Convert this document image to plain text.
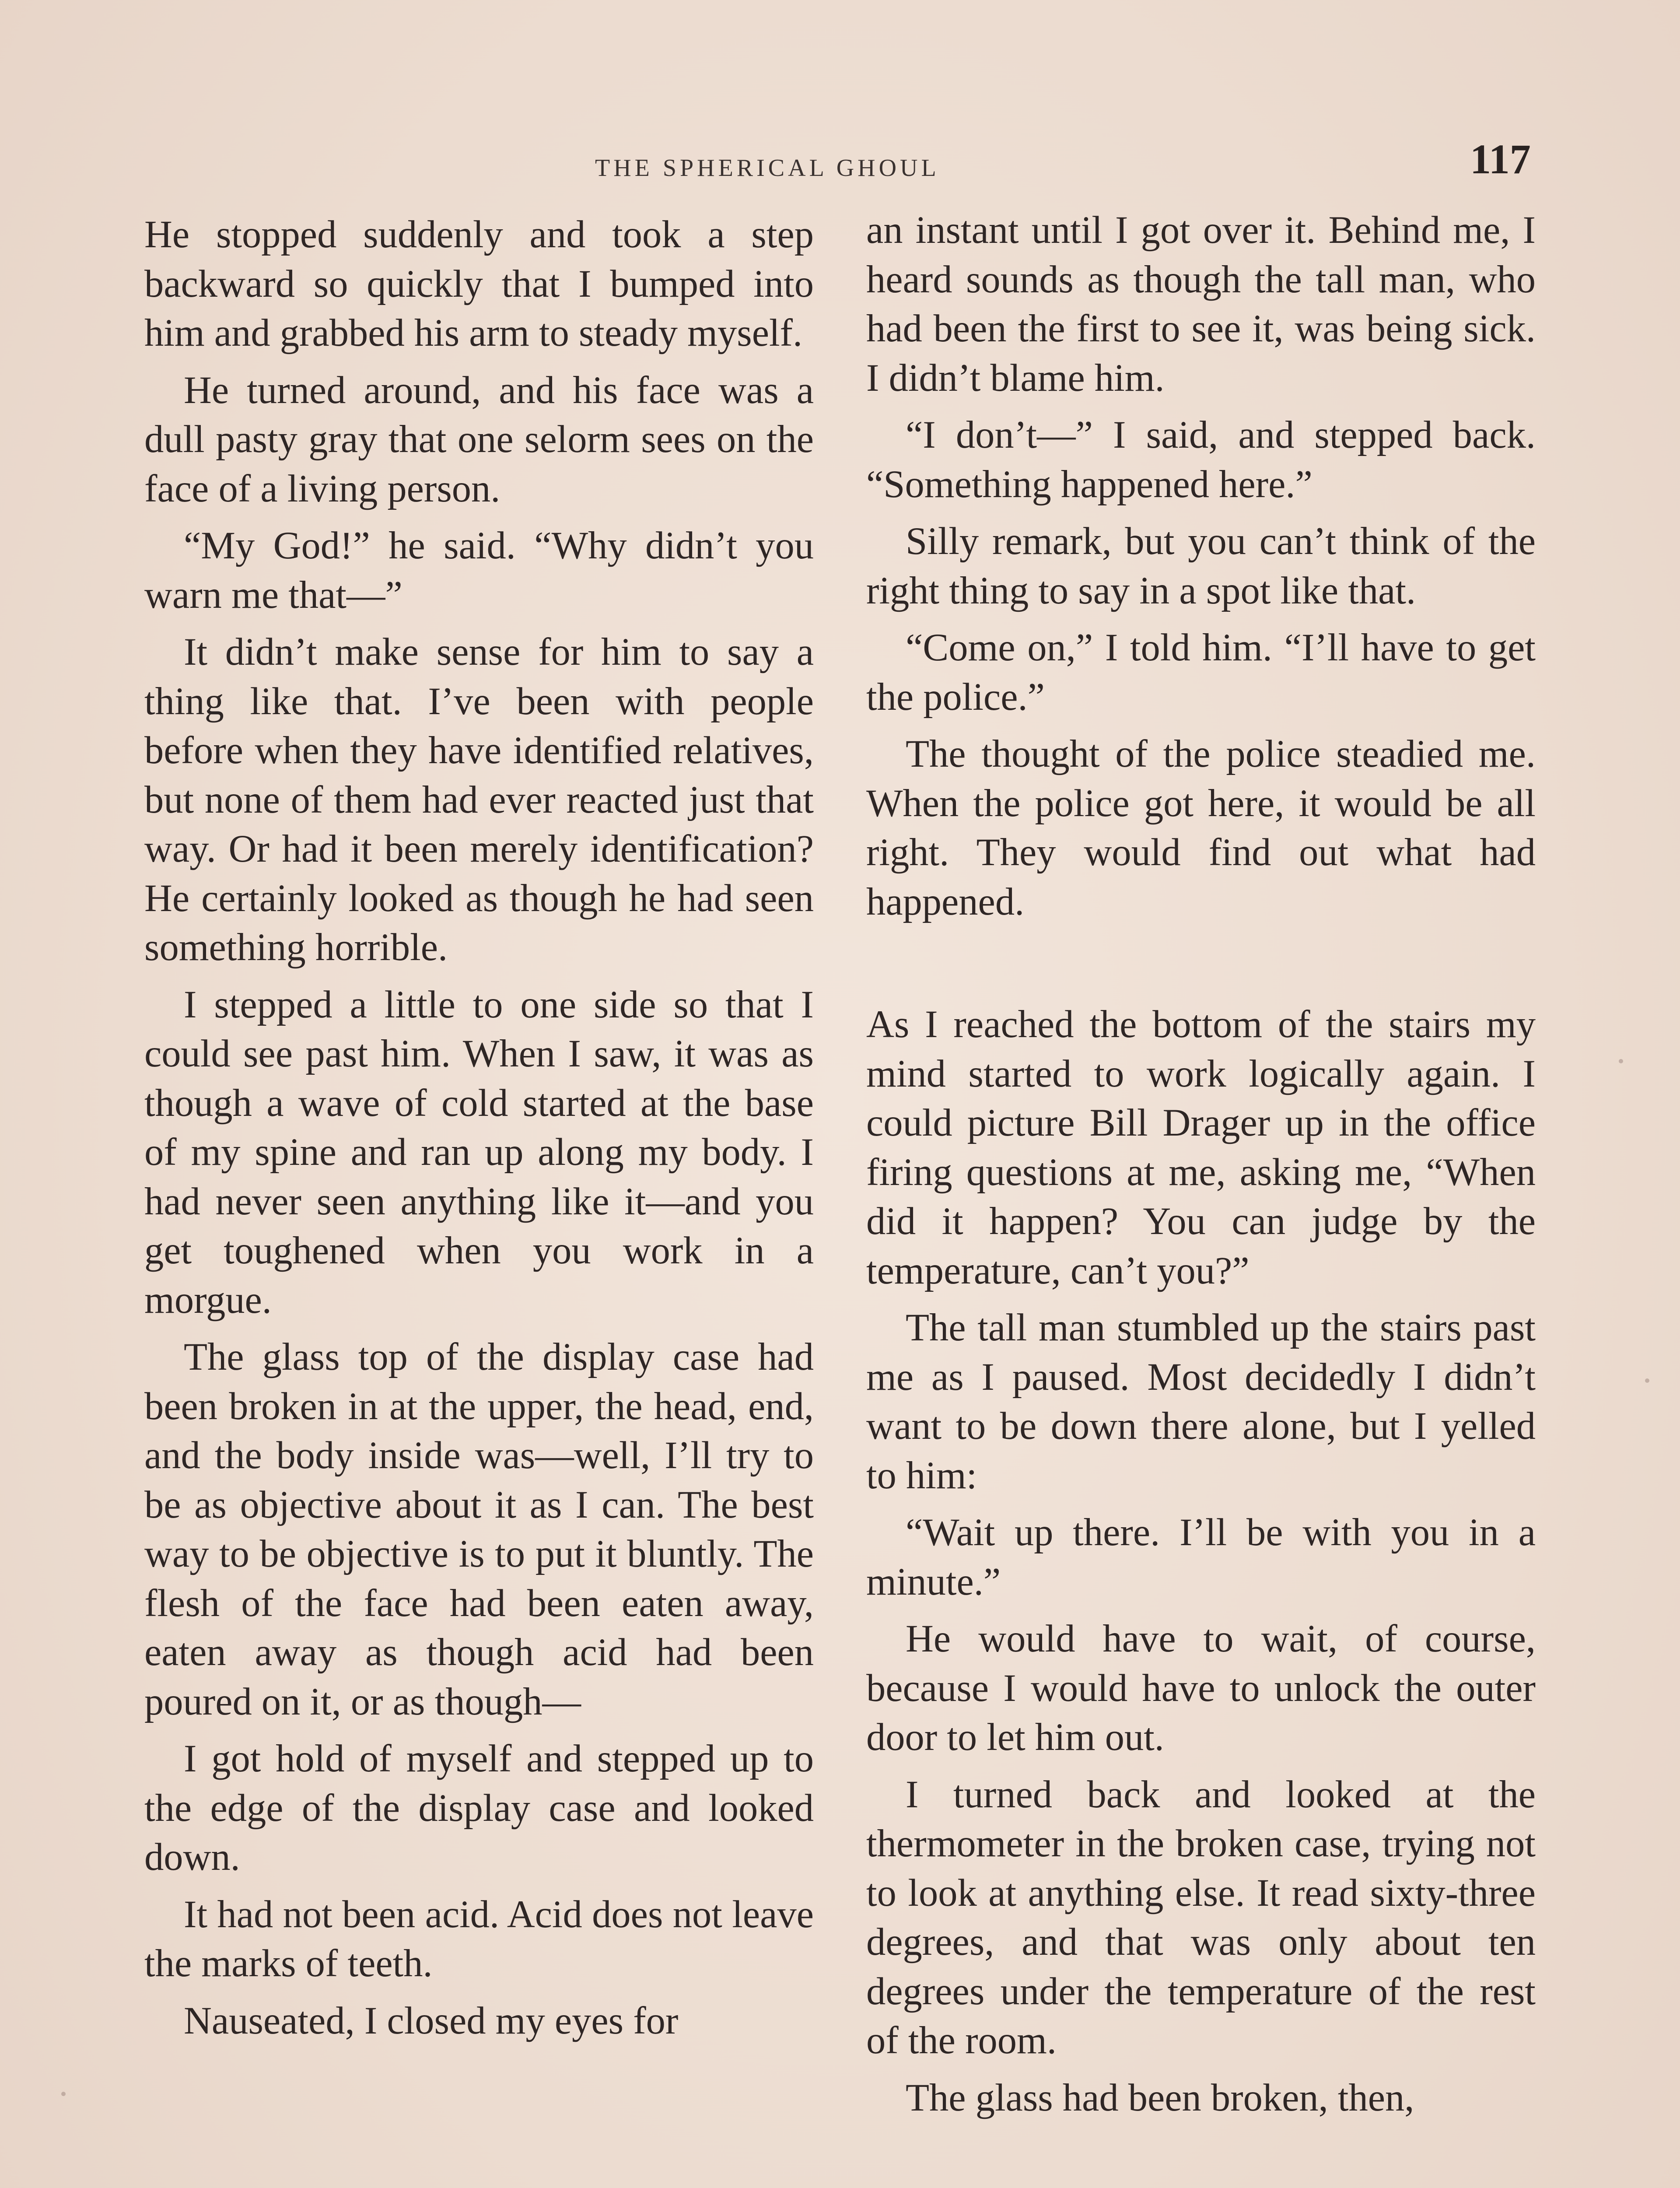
THE SPHERICAL GHOUL	117

He stopped suddenly and took a step backward so quickly that I bumped into him and grabbed his arm to steady myself.

He turned around, and his face was a dull pasty gray that one selorm sees on the face of a living person.

“My God!” he said. “Why didn’t you warn me that—”

It didn’t make sense for him to say a thing like that. I’ve been with people before when they have identified relatives, but none of them had ever reacted just that way. Or had it been merely identification? He certainly looked as though he had seen something horrible.

I stepped a little to one side so that I could see past him. When I saw, it was as though a wave of cold started at the base of my spine and ran up along my body. I had never seen anything like it—and you get toughened when you work in a morgue.

The glass top of the display case had been broken in at the upper, the head, end, and the body inside was—well, I’ll try to be as objective about it as I can. The best way to be objective is to put it bluntly. The flesh of the face had been eaten away, eaten away as though acid had been poured on it, or as though—

I got hold of myself and stepped up to the edge of the display case and looked down.

It had not been acid. Acid does not leave the marks of teeth.

Nauseated, I closed my eyes for

an instant until I got over it. Behind me, I heard sounds as though the tall man, who had been the first to see it, was being sick. I didn’t blame him.

“I don’t—” I said, and stepped back. “Something happened here.”

Silly remark, but you can’t think of the right thing to say in a spot like that.

“Come on,” I told him. “I’ll have to get the police.”

The thought of the police steadied me. When the police got here, it would be all right. They would find out what had happened.

As I reached the bottom of the stairs my mind started to work logically again. I could picture Bill Drager up in the office firing questions at me, asking me, “When did it happen? You can judge by the temperature, can’t you?”

The tall man stumbled up the stairs past me as I paused. Most decidedly I didn’t want to be down there alone, but I yelled to him:

“Wait up there. I’ll be with you in a minute.”

He would have to wait, of course, because I would have to unlock the outer door to let him out.

I turned back and looked at the thermometer in the broken case, trying not to look at anything else. It read sixty-three degrees, and that was only about ten degrees under the temperature of the rest of the room.

The glass had been broken, then,
